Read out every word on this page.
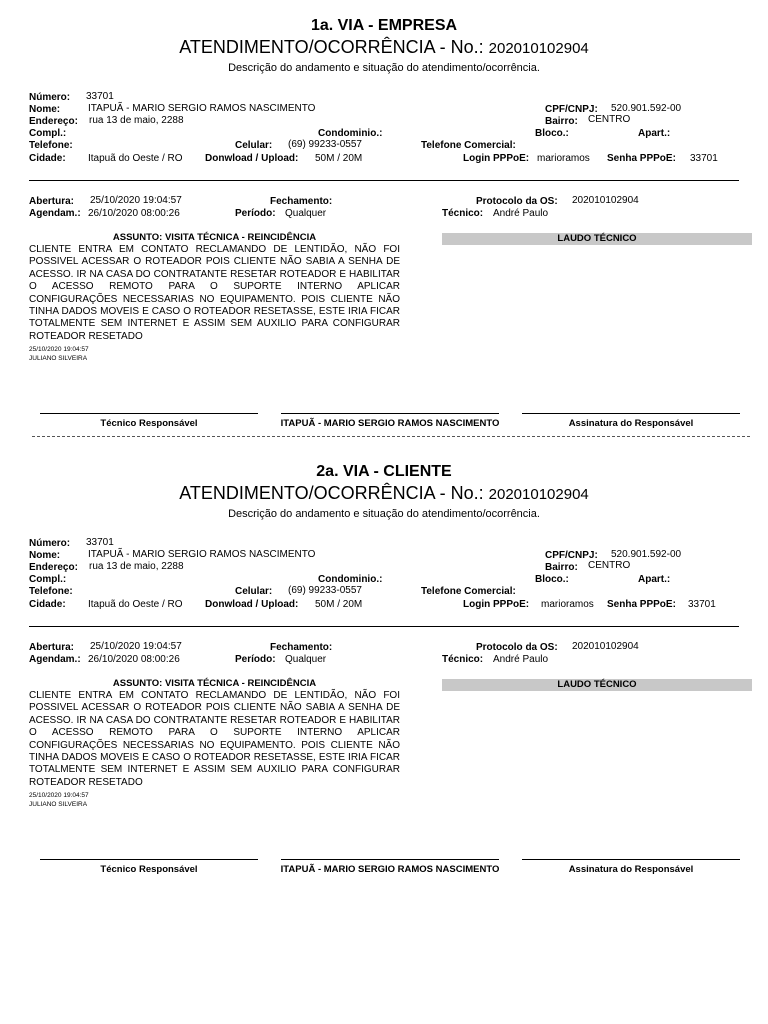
1a. VIA - EMPRESA
ATENDIMENTO/OCORRÊNCIA - No.: 202010102904
Descrição do andamento e situação do atendimento/ocorrência.
Número: 33701
Nome:	ITAPUÃ - MARIO SERGIO RAMOS NASCIMENTO
Endereço: rua 13 de maio, 2288
Compl.:
Telefone:
Cidade: Itapuã do Oeste / RO
Condominio.:
Celular: (69) 99233-0557
Donwload / Upload: 50M / 20M
CPF/CNPJ: 520.901.592-00
Bairro: CENTRO
Bloco.:	Apart.:
Telefone Comercial:
Login PPPoE: marioramos Senha PPPoE: 33701
Abertura: 25/10/2020 19:04:57
Agendam.: 26/10/2020 08:00:26
Fechamento:
Período: Qualquer
Protocolo da OS: 202010102904
Técnico: André Paulo
ASSUNTO: VISITA TÉCNICA - REINCIDÊNCIA	LAUDO TÉCNICO
CLIENTE ENTRA EM CONTATO RECLAMANDO DE LENTIDÃO, NÃO FOI POSSIVEL ACESSAR O ROTEADOR POIS CLIENTE NÃO SABIA A SENHA DE ACESSO. IR NA CASA DO CONTRATANTE RESETAR ROTEADOR E HABILITAR O ACESSO REMOTO PARA O SUPORTE INTERNO APLICAR CONFIGURAÇÕES NECESSARIAS NO EQUIPAMENTO. POIS CLIENTE NÃO TINHA DADOS MOVEIS E CASO O ROTEADOR RESETASSE, ESTE IRIA FICAR TOTALMENTE SEM INTERNET E ASSIM SEM AUXILIO PARA CONFIGURAR ROTEADOR RESETADO
25/10/2020 19:04:57
JULIANO SILVEIRA
Técnico Responsável	ITAPUÃ - MARIO SERGIO RAMOS NASCIMENTO	Assinatura do Responsável
2a. VIA - CLIENTE
ATENDIMENTO/OCORRÊNCIA - No.: 202010102904
Descrição do andamento e situação do atendimento/ocorrência.
Número: 33701
Nome:	ITAPUÃ - MARIO SERGIO RAMOS NASCIMENTO
Endereço: rua 13 de maio, 2288
Compl.:
Telefone:
Cidade: Itapuã do Oeste / RO
Condominio.:
Celular: (69) 99233-0557
Donwload / Upload: 50M / 20M
CPF/CNPJ: 520.901.592-00
Bairro: CENTRO
Bloco.:	Apart.:
Telefone Comercial:
Login PPPoE: marioramos Senha PPPoE: 33701
Abertura: 25/10/2020 19:04:57
Agendam.: 26/10/2020 08:00:26
Fechamento:
Período: Qualquer
Protocolo da OS: 202010102904
Técnico: André Paulo
ASSUNTO: VISITA TÉCNICA - REINCIDÊNCIA	LAUDO TÉCNICO
CLIENTE ENTRA EM CONTATO RECLAMANDO DE LENTIDÃO, NÃO FOI POSSIVEL ACESSAR O ROTEADOR POIS CLIENTE NÃO SABIA A SENHA DE ACESSO. IR NA CASA DO CONTRATANTE RESETAR ROTEADOR E HABILITAR O ACESSO REMOTO PARA O SUPORTE INTERNO APLICAR CONFIGURAÇÕES NECESSARIAS NO EQUIPAMENTO. POIS CLIENTE NÃO TINHA DADOS MOVEIS E CASO O ROTEADOR RESETASSE, ESTE IRIA FICAR TOTALMENTE SEM INTERNET E ASSIM SEM AUXILIO PARA CONFIGURAR ROTEADOR RESETADO
25/10/2020 19:04:57
JULIANO SILVEIRA
Técnico Responsável	ITAPUÃ - MARIO SERGIO RAMOS NASCIMENTO	Assinatura do Responsável
